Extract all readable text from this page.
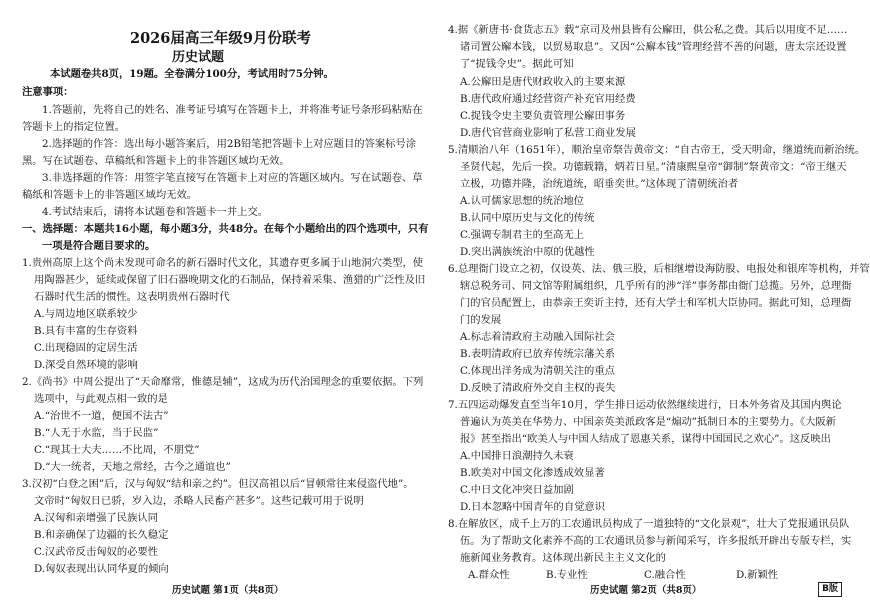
2026届高三年级9月份联考
历史试题
本试题卷共8页，19题。全卷满分100分，考试用时75分钟。
注意事项：
1.答题前，先将自己的姓名、准考证号填写在答题卡上，并将准考证号条形码粘贴在
答题卡上的指定位置。
2.选择题的作答：选出每小题答案后，用2B铅笔把答题卡上对应题目的答案标号涂
黑。写在试题卷、草稿纸和答题卡上的非答题区域均无效。
3.非选择题的作答：用签字笔直接写在答题卡上对应的答题区域内。写在试题卷、草
稿纸和答题卡上的非答题区域均无效。
4.考试结束后，请将本试题卷和答题卡一并上交。
一、选择题：本题共16小题，每小题3分，共48分。在每个小题给出的四个选项中，只有
一项是符合题目要求的。
1.贵州高原上这个尚未发现可命名的新石器时代文化，其遗存更多属于山地洞穴类型，使
用陶器甚少，延续或保留了旧石器晚期文化的石制品，保持着采集、渔猎的广泛性及旧
石器时代生活的惯性。这表明贵州石器时代
A.与周边地区联系较少
B.具有丰富的生存资料
C.出现稳固的定居生活
D.深受自然环境的影响
2.《尚书》中周公提出了“天命靡常，惟德是辅”，这成为历代治国理念的重要依据。下列
选项中，与此观点相一致的是
A.“治世不一道，便国不法古”
B.“人无于水监，当于民监”
C.“现其士大夫……不比周，不朋党”
D.“大一统者，天地之常经，古今之通谊也”
3.汉初“白登之困”后，汉与匈奴“结和亲之约”。但汉高祖以后“冒顿常往来侵盗代地”。
文帝时“匈奴日已骄，岁入边，杀略人民畜产甚多”。这些记载可用于说明
A.汉匈和亲增强了民族认同
B.和亲确保了边疆的长久稳定
C.汉武帝反击匈奴的必要性
D.匈奴表现出认同华夏的倾向
历史试题 第1页（共8页）
4.据《新唐书·食货志五》载“京司及州县皆有公廨田，供公私之费。其后以用度不足……
诸司置公廨本钱，以贸易取息”。又因“公廨本钱”管理经营不善的问题，唐太宗还设置
了“捉钱令史”。据此可知
A.公廨田是唐代财政收入的主要来源
B.唐代政府通过经营资产补充官用经费
C.捉钱令史主要负责管理公廨田事务
D.唐代官营商业影响了私营工商业发展
5.清顺治八年（1651年），顺治皇帝祭告黄帝文：“自古帝王，受天明命，继道统而新治统。
圣贤代起，先后一揆。功德载籍，炳若日星。”清康熙皇帝“御制”祭黄帝文：“帝王继天
立极，功德并隆，治统道统，昭垂奕世。”这体现了清朝统治者
A.认可儒家思想的统治地位
B.认同中原历史与文化的传统
C.强调专制君主的至高无上
D.突出满族统治中原的优越性
6.总理衙门设立之初，仅设英、法、俄三股，后相继增设海防股、电报处和银库等机构，并管
辖总税务司、同文馆等附属组织，几乎所有的涉“洋”事务都由衙门总揽。另外，总理衙
门的官员配置上，由恭亲王奕䜣主持，还有大学士和军机大臣协同。据此可知，总理衙
门的发展
A.标志着清政府主动融入国际社会
B.表明清政府已放弃传统宗藩关系
C.体现出洋务成为清朝关注的重点
D.反映了清政府外交自主权的丧失
7.五四运动爆发直至当年10月，学生排日运动依然继续进行，日本外务省及其国内舆论
普遍认为英美在华势力、中国亲英美派政客是“煽动”抵制日本的主要势力。《大阪新
报》甚至指出“欧美人与中国人结成了恩惠关系，谋得中国国民之欢心”。这反映出
A.中国排日浪潮持久未衰
B.欧美对中国文化渗透成效显著
C.中日文化冲突日益加剧
D.日本忽略中国青年的自觉意识
8.在解放区，成千上万的工农通讯员构成了一道独特的“文化景观”，壮大了党报通讯员队
伍。为了帮助文化素养不高的工农通讯员参与新闻采写，许多报纸开辟出专版专栏，实
施新闻业务教育。这体现出新民主主义文化的
A.群众性	B.专业性	C.融合性	D.新颖性
历史试题 第2页（共8页）	B版
